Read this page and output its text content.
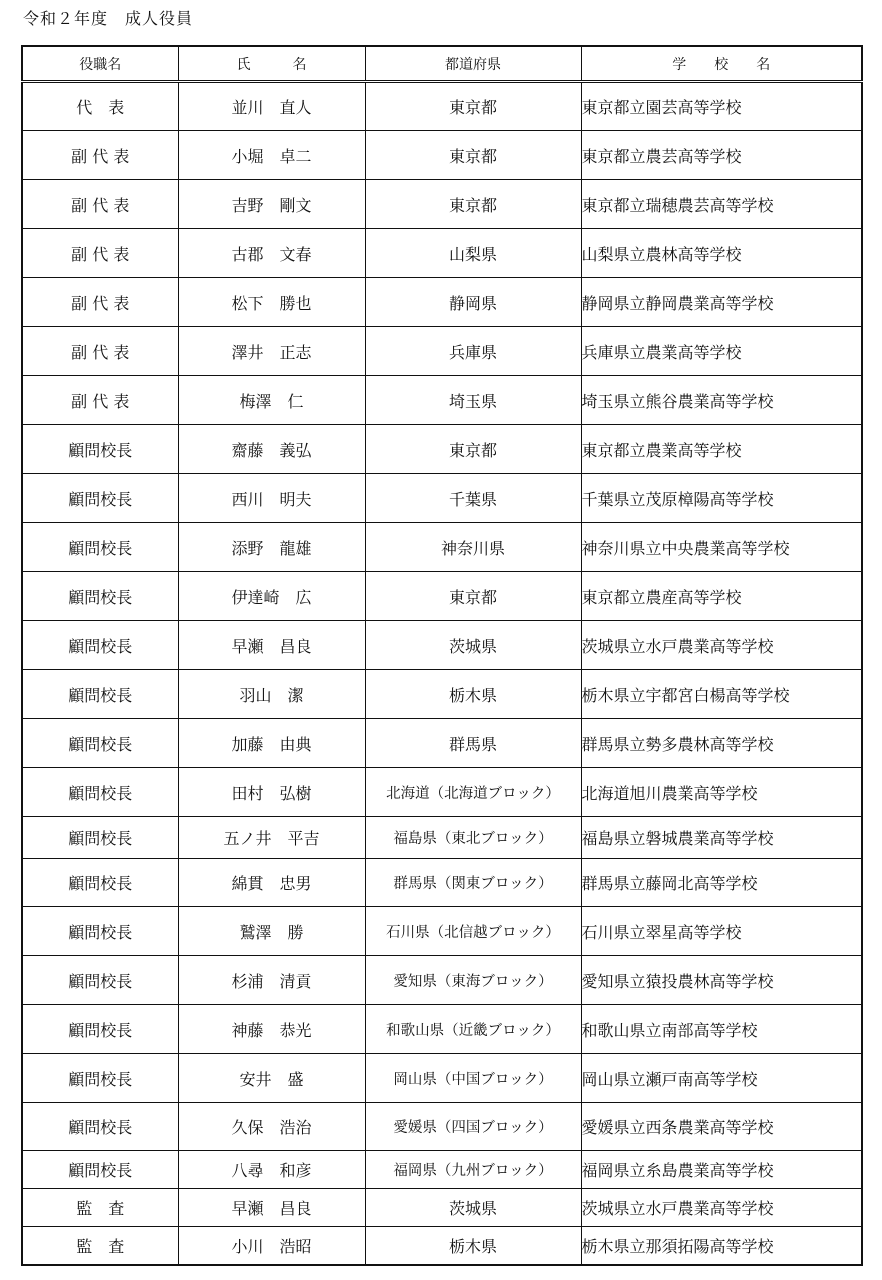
令和２年度　成人役員
役職名	氏　　　名	都道府県	学　　校　　名
代　表	並川　直人	東京都	東京都立園芸高等学校
副 代 表	小堀　卓二	東京都	東京都立農芸高等学校
副 代 表	吉野　剛文	東京都	東京都立瑞穂農芸高等学校
副 代 表	古郡　文春	山梨県	山梨県立農林高等学校
副 代 表	松下　勝也	静岡県	静岡県立静岡農業高等学校
副 代 表	澤井　正志	兵庫県	兵庫県立農業高等学校
副 代 表	梅澤　仁	埼玉県	埼玉県立熊谷農業高等学校
顧問校長	齋藤　義弘	東京都	東京都立農業高等学校
顧問校長	西川　明夫	千葉県	千葉県立茂原樟陽高等学校
顧問校長	添野　龍雄	神奈川県	神奈川県立中央農業高等学校
顧問校長	伊達崎　広	東京都	東京都立農産高等学校
顧問校長	早瀬　昌良	茨城県	茨城県立水戸農業高等学校
顧問校長	羽山　潔	栃木県	栃木県立宇都宮白楊高等学校
顧問校長	加藤　由典	群馬県	群馬県立勢多農林高等学校
顧問校長	田村　弘樹	北海道（北海道ブロック）	北海道旭川農業高等学校
顧問校長	五ノ井　平吉	福島県（東北ブロック）	福島県立磐城農業高等学校
顧問校長	綿貫　忠男	群馬県（関東ブロック）	群馬県立藤岡北高等学校
顧問校長	鷲澤　勝	石川県（北信越ブロック）	石川県立翠星高等学校
顧問校長	杉浦　清貢	愛知県（東海ブロック）	愛知県立猿投農林高等学校
顧問校長	神藤　恭光	和歌山県（近畿ブロック）	和歌山県立南部高等学校
顧問校長	安井　盛	岡山県（中国ブロック）	岡山県立瀬戸南高等学校
顧問校長	久保　浩治	愛媛県（四国ブロック）	愛媛県立西条農業高等学校
顧問校長	八尋　和彦	福岡県（九州ブロック）	福岡県立糸島農業高等学校
監　査	早瀬　昌良	茨城県	茨城県立水戸農業高等学校
監　査	小川　浩昭	栃木県	栃木県立那須拓陽高等学校
